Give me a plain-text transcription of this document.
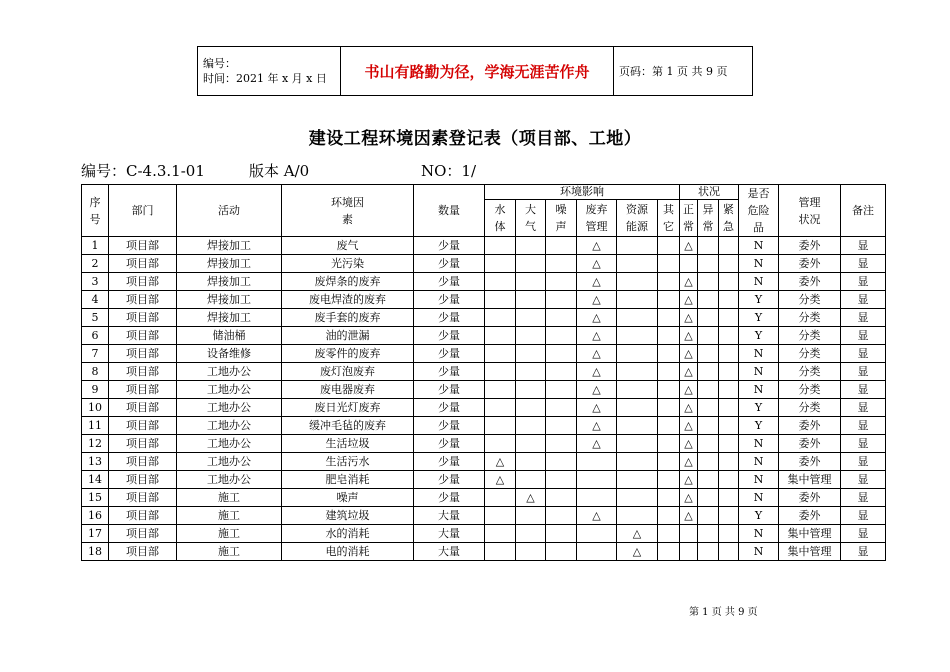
编号：
时间：2021 年 x 月 x 日	书山有路勤为径，学海无涯苦作舟	页码：第 1 页 共 9 页
建设工程环境因素登记表（项目部、工地）
编号：C-4.3.1-01	版本 A/0	NO：1/
序号	部门	活动	环境因素	数量	环境影响						状况			是否危险品	管理状况	备注
					水体	大气	噪声	废弃管理	资源能源	其它	正常	异常	紧急			
1	项目部	焊接加工	废气	少量				△			△			N	委外	显
2	项目部	焊接加工	光污染	少量				△						N	委外	显
3	项目部	焊接加工	废焊条的废弃	少量				△			△			N	委外	显
4	项目部	焊接加工	废电焊渣的废弃	少量				△			△			Y	分类	显
5	项目部	焊接加工	废手套的废弃	少量				△			△			Y	分类	显
6	项目部	储油桶	油的泄漏	少量				△			△			Y	分类	显
7	项目部	设备维修	废零件的废弃	少量				△			△			N	分类	显
8	项目部	工地办公	废灯泡废弃	少量				△			△			N	分类	显
9	项目部	工地办公	废电器废弃	少量				△			△			N	分类	显
10	项目部	工地办公	废日光灯废弃	少量				△			△			Y	分类	显
11	项目部	工地办公	缓冲毛毡的废弃	少量				△			△			Y	委外	显
12	项目部	工地办公	生活垃圾	少量				△			△			N	委外	显
13	项目部	工地办公	生活污水	少量	△						△			N	委外	显
14	项目部	工地办公	肥皂消耗	少量	△						△			N	集中管理	显
15	项目部	施工	噪声	少量		△					△			N	委外	显
16	项目部	施工	建筑垃圾	大量				△			△			Y	委外	显
17	项目部	施工	水的消耗	大量					△					N	集中管理	显
18	项目部	施工	电的消耗	大量					△					N	集中管理	显
第 1 页 共 9 页
